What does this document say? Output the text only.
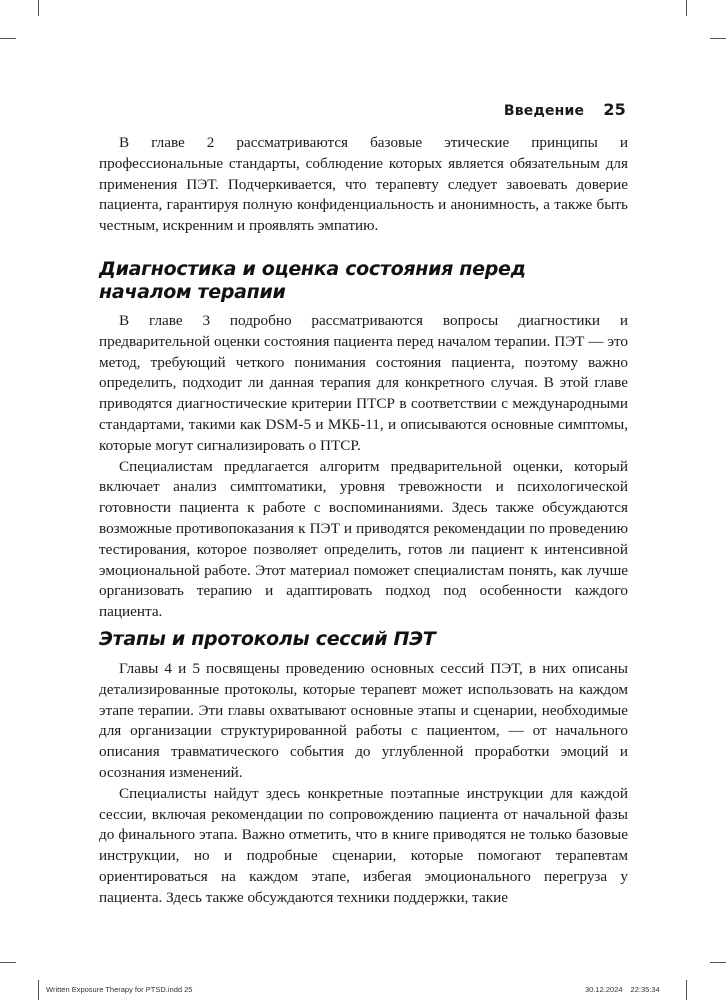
Введение 25

В главе 2 рассматриваются базовые этические принципы и профессиональные стандарты, соблюдение которых является обязательным для применения ПЭТ. Подчеркивается, что терапевту следует завоевать доверие пациента, гарантируя полную конфиденциальность и анонимность, а также быть честным, искренним и проявлять эмпатию.

Диагностика и оценка состояния перед
началом терапии

В главе 3 подробно рассматриваются вопросы диагностики и предварительной оценки состояния пациента перед началом терапии. ПЭТ — это метод, требующий четкого понимания состояния пациента, поэтому важно определить, подходит ли данная терапия для конкретного случая. В этой главе приводятся диагностические критерии ПТСР в соответствии с международными стандартами, такими как DSM-5 и МКБ-11, и описываются основные симптомы, которые могут сигнализировать о ПТСР.

Специалистам предлагается алгоритм предварительной оценки, который включает анализ симптоматики, уровня тревожности и психологической готовности пациента к работе с воспоминаниями. Здесь также обсуждаются возможные противопоказания к ПЭТ и приводятся рекомендации по проведению тестирования, которое позволяет определить, готов ли пациент к интенсивной эмоциональной работе. Этот материал поможет специалистам понять, как лучше организовать терапию и адаптировать подход под особенности каждого пациента.

Этапы и протоколы сессий ПЭТ

Главы 4 и 5 посвящены проведению основных сессий ПЭТ, в них описаны детализированные протоколы, которые терапевт может использовать на каждом этапе терапии. Эти главы охватывают основные этапы и сценарии, необходимые для организации структурированной работы с пациентом, — от начального описания травматического события до углубленной проработки эмоций и осознания изменений.

Специалисты найдут здесь конкретные поэтапные инструкции для каждой сессии, включая рекомендации по сопровождению пациента от начальной фазы до финального этапа. Важно отметить, что в книге приводятся не только базовые инструкции, но и подробные сценарии, которые помогают терапевтам ориентироваться на каждом этапе, избегая эмоционального перегруза у пациента. Здесь также обсуждаются техники поддержки, такие

Written Exposure Therapy for PTSD.indd 25	30.12.2024 22:35:34
